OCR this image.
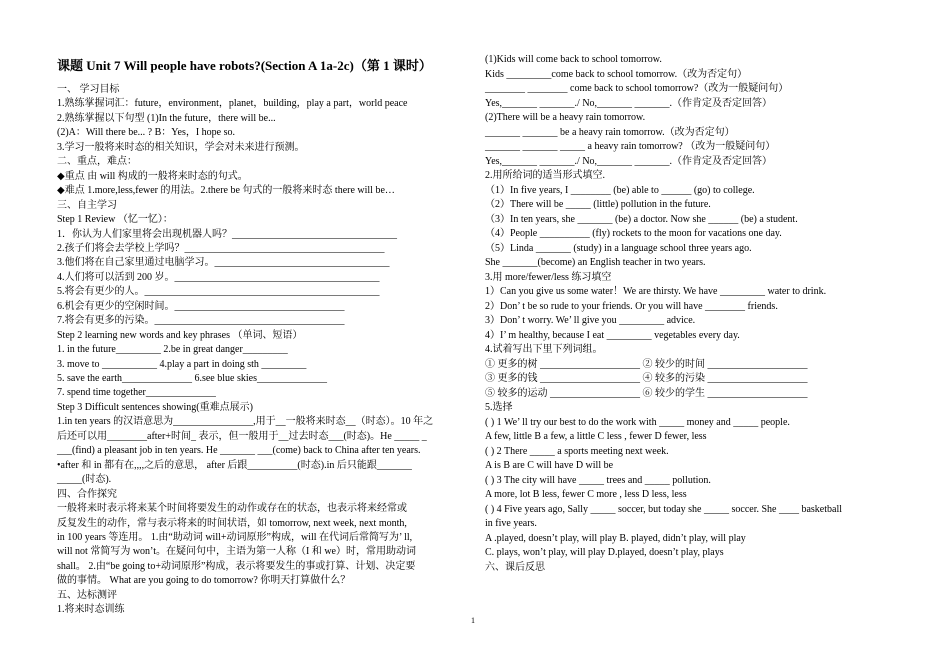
课题 Unit 7 Will people have robots?(Section A 1a-2c)（第 1 课时）
一、 学习目标
1.熟练掌握词汇：future，environment，planet，building，play a part，world peace
2.熟练掌握以下句型 (1)In the future，there will be...
(2)A：Will there be... ? B：Yes，I hope so.
3.学习一般将来时态的相关知识，学会对未来进行预测。
二、重点，难点：
◆重点 由 will 构成的一般将来时态的句式。
◆难点 1.more,less,fewer 的用法。2.there be 句式的一般将来时态 there will be…
三、自主学习
Step 1 Review （忆一忆）：
1．你认为人们家里将会出现机器人吗？_________________________________
2.孩子们将会去学校上学吗？________________________________________
3.他们将在自己家里通过电脑学习。___________________________________
4.人们将可以活到 200 岁。_________________________________________
5.将会有更少的人。_______________________________________________
6.机会有更少的空闲时间。__________________________________
7.将会有更多的污染。______________________________________
Step 2 learning new words and key phrases （单词、短语）
1. in the future_________ 2.be in great danger_________
3. move to ___________ 4.play a part in doing sth _________
5. save the earth______________ 6.see blue skies______________
7. spend time together______________
Step 3 Difficult sentences showing(重难点展示)
1.in ten years 的汉语意思为________________,用于__一般将来时态__（时态）。10 年之
后还可以用________after+时间_ 表示，但一般用于__过去时态___(时态)。He _____ _
___(find) a pleasant job in ten years. He _______ ___(come) back to China after ten years.
•after 和 in 都有在,,,,之后的意思， after 后跟__________(时态).in 后只能跟_______
_____(时态).
四、合作探究
一般将来时表示将来某个时间将要发生的动作或存在的状态，也表示将来经常或
反复发生的动作，常与表示将来的时间状语，如 tomorrow, next week, next month,
in 100 years 等连用。 1.由“助动词 will+动词原形”构成，will 在代词后常简写为’ ll,
will not 常简写为 won’t。在疑问句中，主语为第一人称（I 和 we）时，常用助动词
shall。 2.由“be going to+动词原形”构成，表示将要发生的事或打算、计划、决定要
做的事情。 What are you going to do tomorrow? 你明天打算做什么？
五、达标测评
1.将来时态训练
(1)Kids will come back to school tomorrow.
Kids _________come back to school tomorrow.（改为否定句）
________ ________ come back to school tomorrow?（改为一般疑问句）
Yes,_______ _______./ No,_______ _______.（作肯定及否定回答）
(2)There will be a heavy rain tomorrow.
_______ _______ be a heavy rain tomorrow.（改为否定句）
_______ _______ _____ a heavy rain tomorrow? （改为一般疑问句）
Yes,_______ _______./ No,_______ _______.（作肯定及否定回答）
2.用所给词的适当形式填空.
（1）In five years, I ________ (be) able to ______ (go) to college.
（2）There will be _____ (little) pollution in the future.
（3）In ten years, she _______ (be) a doctor. Now she ______ (be) a student.
（4）People __________ (fly) rockets to the moon for vacations one day.
（5）Linda _______ (study) in a language school three years ago.
She _______(become) an English teacher in two years.
3.用 more/fewer/less 练习填空
1）Can you give us some water！We are thirsty. We have _________ water to drink.
2）Don’ t be so rude to your friends. Or you will have ________ friends.
3）Don’ t worry. We’ ll give you _________ advice.
4）I’ m healthy, because I eat _________ vegetables every day.
4.试着写出下里下列词组。
① 更多的树 ____________________ ② 较少的时间 ____________________
③ 更多的钱 ____________________ ④ 较多的污染 ____________________
⑤ 较多的运动 __________________ ⑥ 较少的学生 ____________________
5.选择
( ) 1 We’ ll try our best to do the work with _____ money and _____ people.
A few, little B a few, a little C less , fewer D fewer, less
( ) 2 There _____ a sports meeting next week.
A is B are C will have D will be
( ) 3 The city will have _____ trees and _____ pollution.
A more, lot B less, fewer C more , less D less, less
( ) 4 Five years ago, Sally _____ soccer, but today she _____ soccer. She ____ basketball
in five years.
A .played, doesn’t play, will play B. played, didn’t play, will play
C. plays, won’t play, will play D.played, doesn’t play, plays
六、课后反思
1
